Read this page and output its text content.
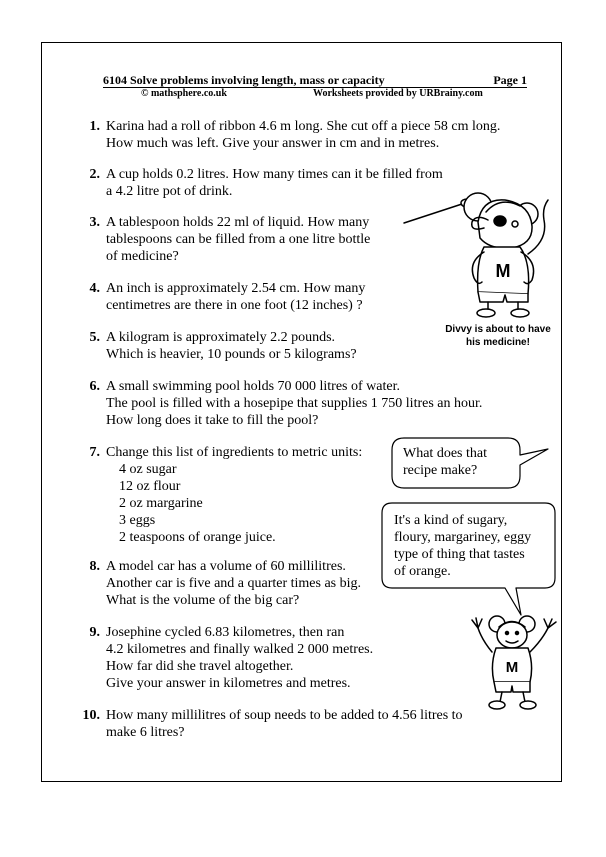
6104 Solve problems involving length, mass or capacity	Page 1
© mathsphere.co.uk	Worksheets provided by URBrainy.com
1. Karina had a roll of ribbon 4.6 m long. She cut off a piece 58 cm long.
How much was left. Give your answer in cm and in metres.
2. A cup holds 0.2 litres. How many times can it be filled from
a 4.2 litre pot of drink.
3. A tablespoon holds 22 ml of liquid. How many
tablespoons can be filled from a one litre bottle
of medicine?
4. An inch is approximately 2.54 cm. How many
centimetres are there in one foot (12 inches) ?
5. A kilogram is approximately 2.2 pounds.
Which is heavier, 10 pounds or 5 kilograms?
6. A small swimming pool holds 70 000 litres of water.
The pool is filled with a hosepipe that supplies 1 750 litres an hour.
How long does it take to fill the pool?
7. Change this list of ingredients to metric units:
4 oz sugar
12 oz flour
2 oz margarine
3 eggs
2 teaspoons of orange juice.
8. A model car has a volume of 60 millilitres.
Another car is five and a quarter times as big.
What is the volume of the big car?
9. Josephine cycled 6.83 kilometres, then ran
4.2 kilometres and finally walked 2 000 metres.
How far did she travel altogether.
Give your answer in kilometres and metres.
10. How many millilitres of soup needs to be added to 4.56 litres to
make 6 litres?
M
Divvy is about to have
his medicine!
What does that
recipe make?
It's a kind of sugary,
floury, margariney, eggy
type of thing that tastes
of orange.
M
